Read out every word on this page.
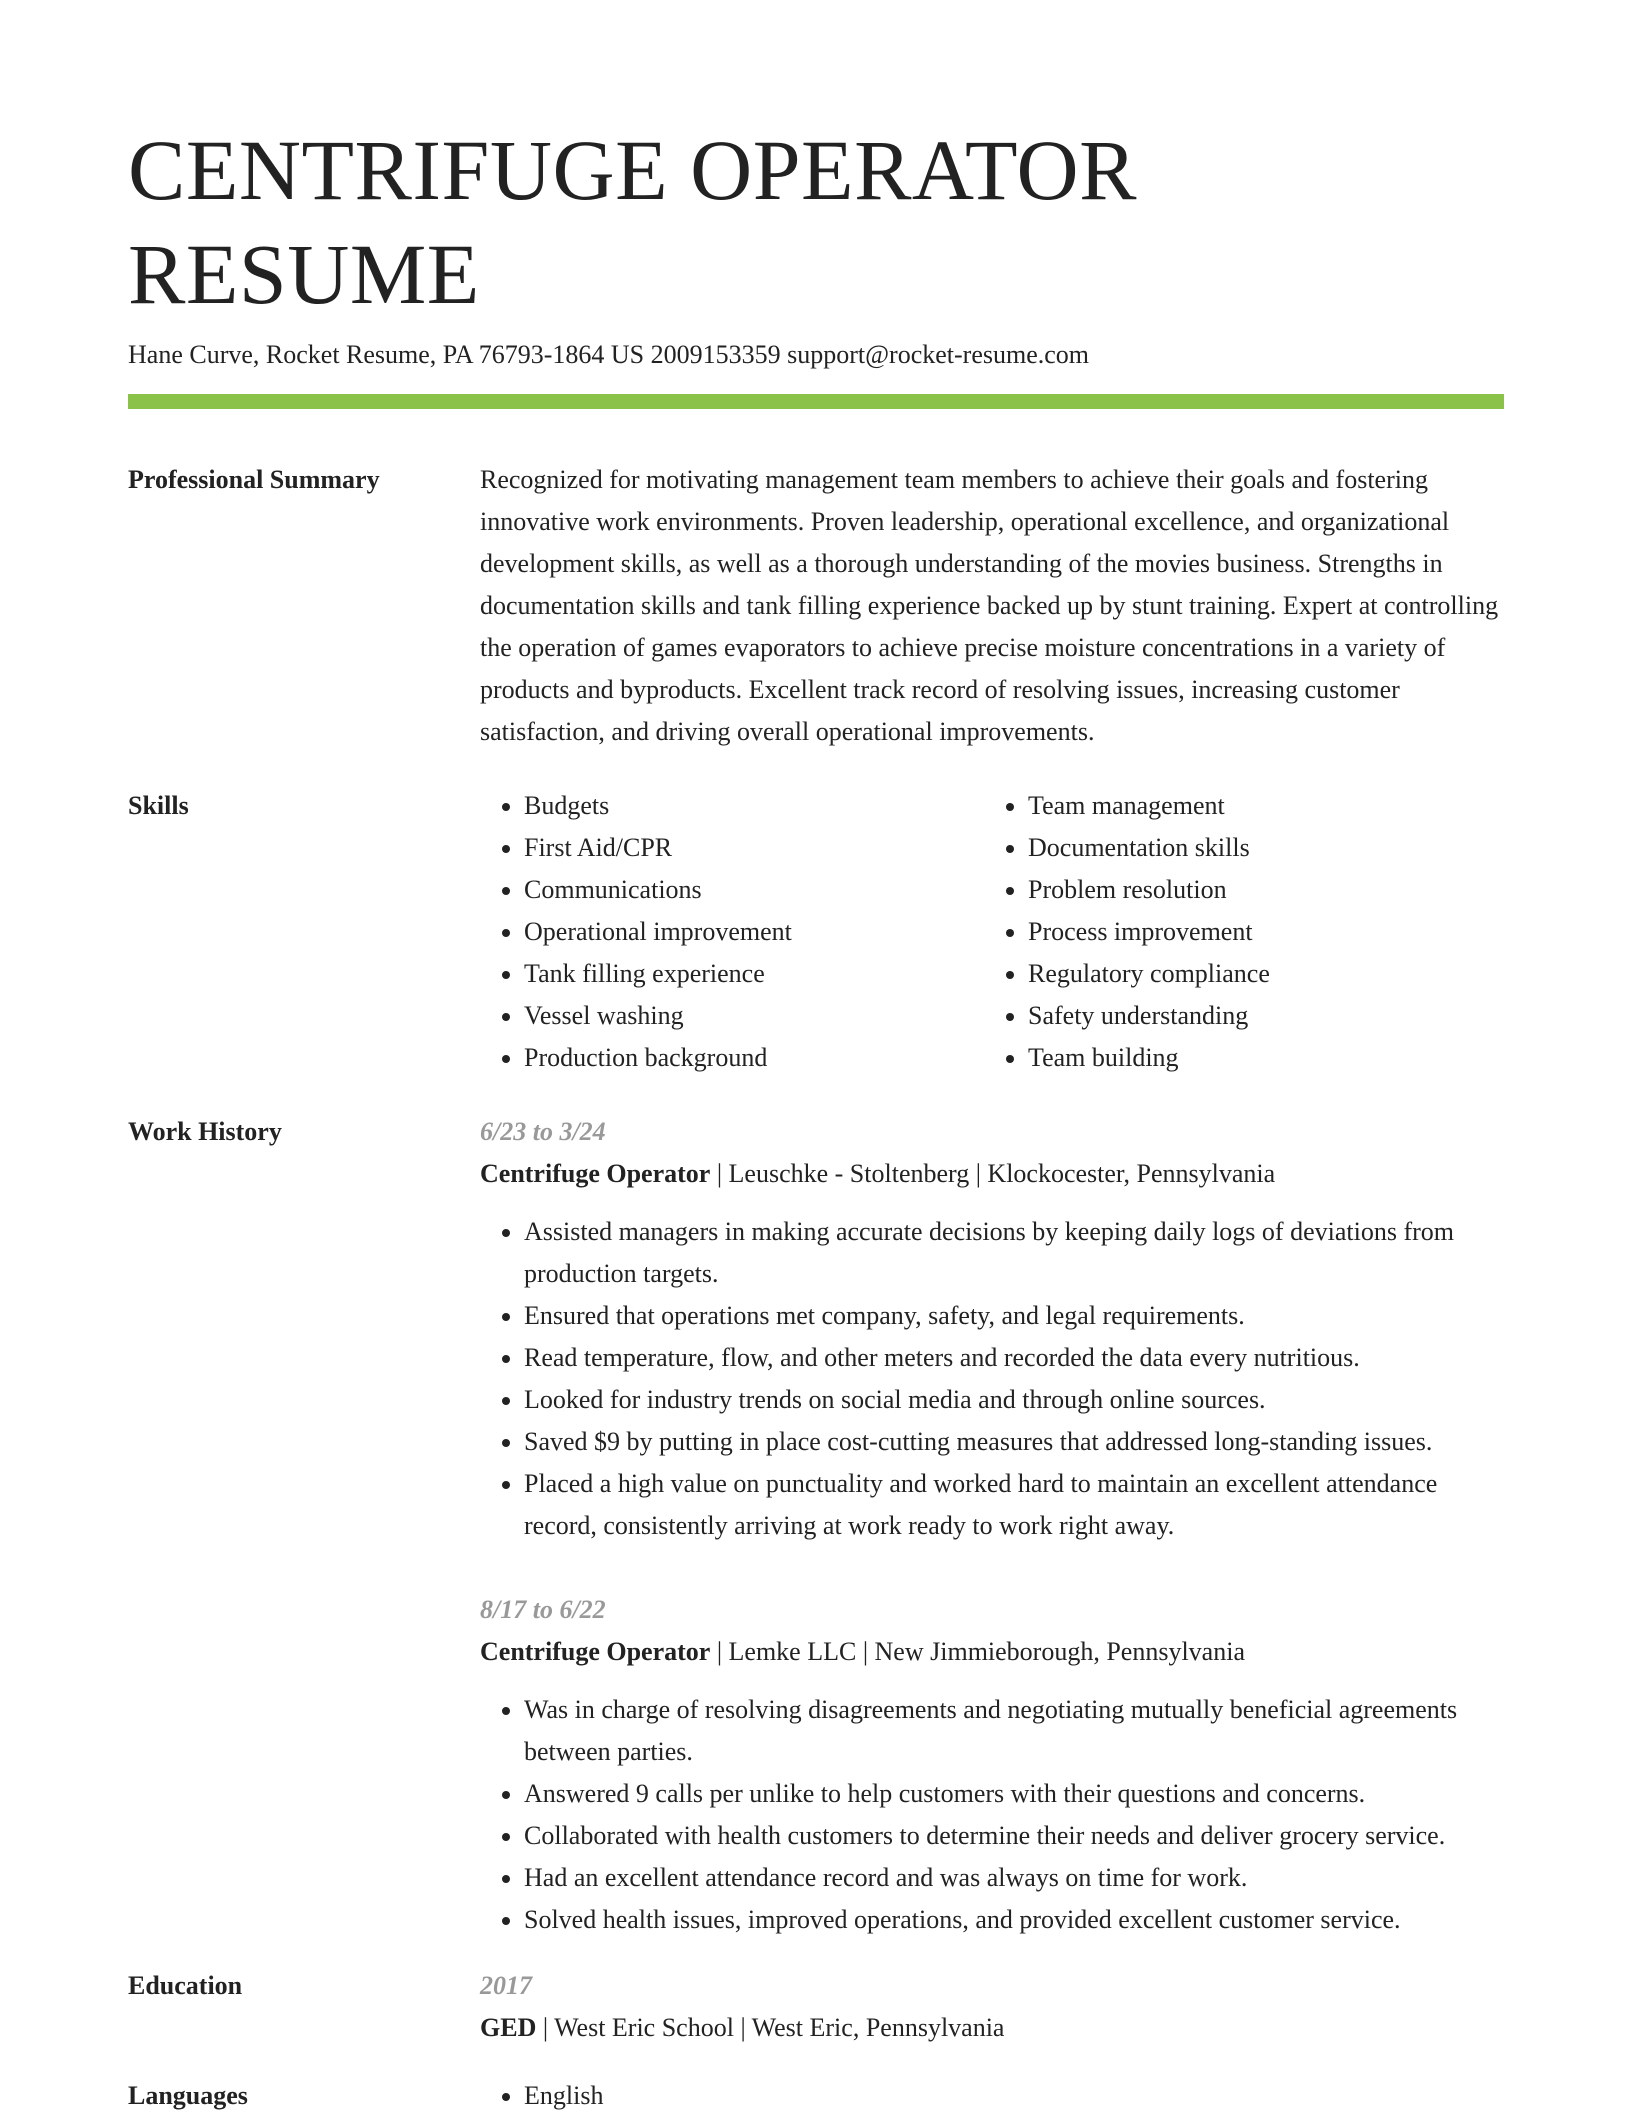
CENTRIFUGE OPERATOR RESUME
Hane Curve, Rocket Resume, PA 76793-1864 US 2009153359 support@rocket-resume.com
Professional Summary	Recognized for motivating management team members to achieve their goals and fostering innovative work environments. Proven leadership, operational excellence, and organizational development skills, as well as a thorough understanding of the movies business. Strengths in documentation skills and tank filling experience backed up by stunt training. Expert at controlling the operation of games evaporators to achieve precise moisture concentrations in a variety of products and byproducts. Excellent track record of resolving issues, increasing customer satisfaction, and driving overall operational improvements.
Skills	• Budgets
• First Aid/CPR
• Communications
• Operational improvement
• Tank filling experience
• Vessel washing
• Production background
• Team management
• Documentation skills
• Problem resolution
• Process improvement
• Regulatory compliance
• Safety understanding
• Team building
Work History	6/23 to 3/24
Centrifuge Operator | Leuschke - Stoltenberg | Klockocester, Pennsylvania
• Assisted managers in making accurate decisions by keeping daily logs of deviations from production targets.
• Ensured that operations met company, safety, and legal requirements.
• Read temperature, flow, and other meters and recorded the data every nutritious.
• Looked for industry trends on social media and through online sources.
• Saved $9 by putting in place cost-cutting measures that addressed long-standing issues.
• Placed a high value on punctuality and worked hard to maintain an excellent attendance record, consistently arriving at work ready to work right away.
8/17 to 6/22
Centrifuge Operator | Lemke LLC | New Jimmieborough, Pennsylvania
• Was in charge of resolving disagreements and negotiating mutually beneficial agreements between parties.
• Answered 9 calls per unlike to help customers with their questions and concerns.
• Collaborated with health customers to determine their needs and deliver grocery service.
• Had an excellent attendance record and was always on time for work.
• Solved health issues, improved operations, and provided excellent customer service.
Education	2017
GED | West Eric School | West Eric, Pennsylvania
Languages	• English
